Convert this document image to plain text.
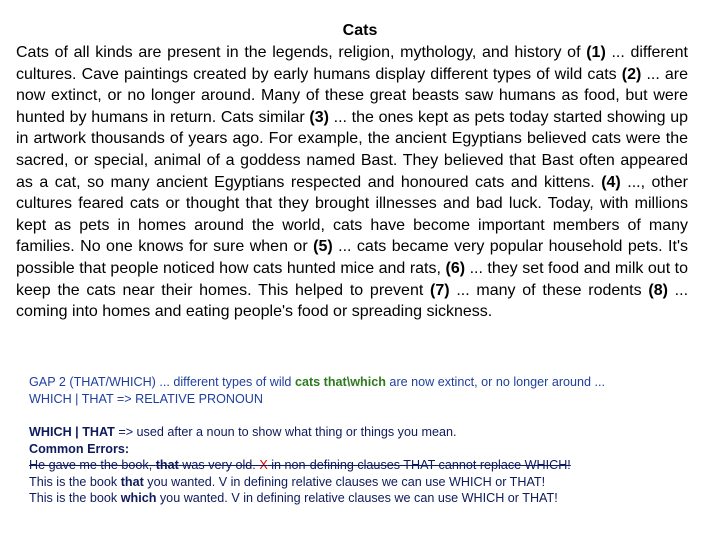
Cats

Cats of all kinds are present in the legends, religion, mythology, and history of (1) ... different cultures. Cave paintings created by early humans display different types of wild cats (2) ... are now extinct, or no longer around. Many of these great beasts saw humans as food, but were hunted by humans in return. Cats similar (3) ... the ones kept as pets today started showing up in artwork thousands of years ago. For example, the ancient Egyptians believed cats were the sacred, or special, animal of a goddess named Bast. They believed that Bast often appeared as a cat, so many ancient Egyptians respected and honoured cats and kittens. (4) ..., other cultures feared cats or thought that they brought illnesses and bad luck. Today, with millions kept as pets in homes around the world, cats have become important members of many families. No one knows for sure when or (5) ... cats became very popular household pets. It's possible that people noticed how cats hunted mice and rats, (6) ... they set food and milk out to keep the cats near their homes. This helped to prevent (7) ... many of these rodents (8) ... coming into homes and eating people's food or spreading sickness.

GAP 2 (THAT/WHICH) ... different types of wild cats that\which are now extinct, or no longer around ...
WHICH | THAT => RELATIVE PRONOUN
WHICH | THAT => used after a noun to show what thing or things you mean.
Common Errors:
He gave me the book, that was very old. X in non-defining clauses THAT cannot replace WHICH!
This is the book that you wanted. V in defining relative clauses we can use WHICH or THAT!
This is the book which you wanted. V in defining relative clauses we can use WHICH or THAT!
